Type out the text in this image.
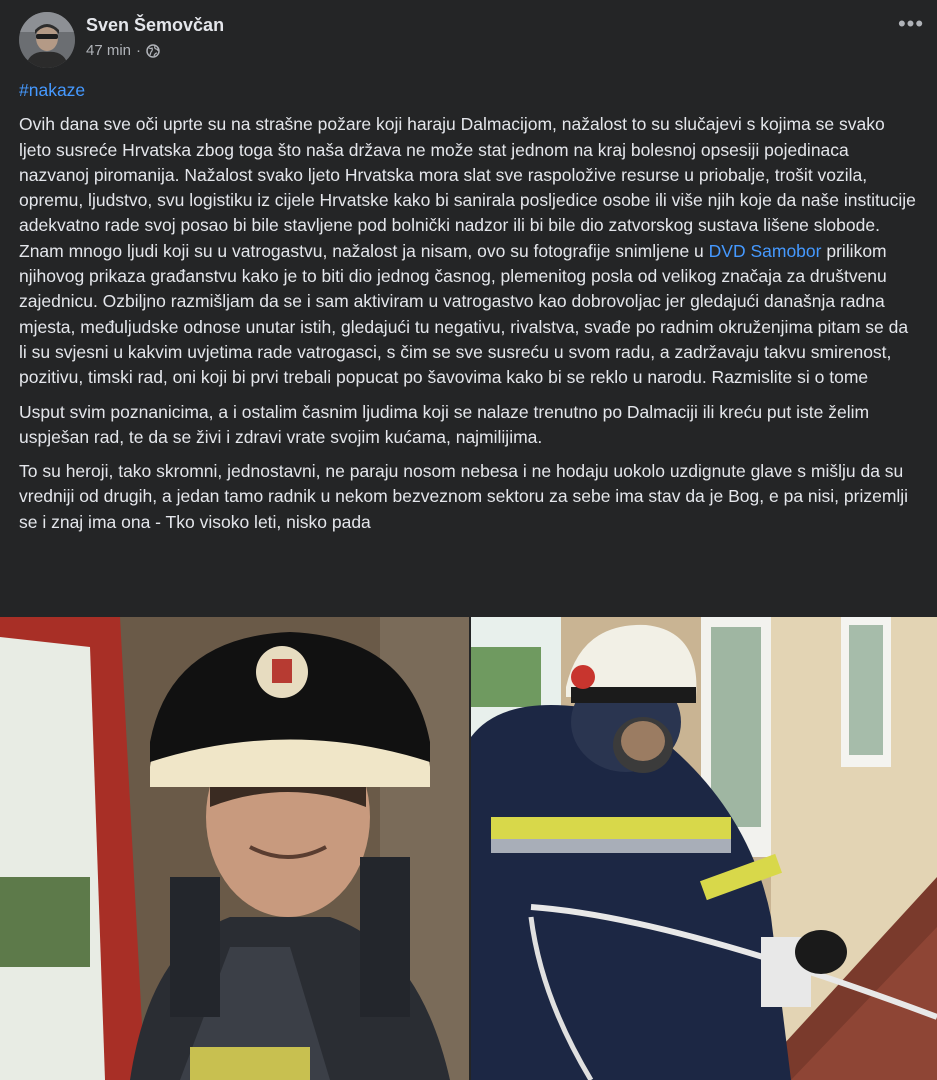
Sven Šemovčan
47 min ·
•••

#nakaze

Ovih dana sve oči uprte su na strašne požare koji haraju Dalmacijom, nažalost to su slučajevi s kojima se svako ljeto susreće Hrvatska zbog toga što naša država ne može stat jednom na kraj bolesnoj opsesiji pojedinaca nazvanoj piromanija. Nažalost svako ljeto Hrvatska mora slat sve raspoložive resurse u priobalje, trošit vozila, opremu, ljudstvo, svu logistiku iz cijele Hrvatske kako bi sanirala posljedice osobe ili više njih koje da naše institucije adekvatno rade svoj posao bi bile stavljene pod bolnički nadzor ili bi bile dio zatvorskog sustava lišene slobode. Znam mnogo ljudi koji su u vatrogastvu, nažalost ja nisam, ovo su fotografije snimljene u DVD Samobor prilikom njihovog prikaza građanstvu kako je to biti dio jednog časnog, plemenitog posla od velikog značaja za društvenu zajednicu. Ozbiljno razmišljam da se i sam aktiviram u vatrogastvo kao dobrovoljac jer gledajući današnja radna mjesta, međuljudske odnose unutar istih, gledajući tu negativu, rivalstva, svađe po radnim okruženjima pitam se da li su svjesni u kakvim uvjetima rade vatrogasci, s čim se sve susreću u svom radu, a zadržavaju takvu smirenost, pozitivu, timski rad, oni koji bi prvi trebali popucat po šavovima kako bi se reklo u narodu. Razmislite si o tome

Usput svim poznanicima, a i ostalim časnim ljudima koji se nalaze trenutno po Dalmaciji ili kreću put iste želim uspješan rad, te da se živi i zdravi vrate svojim kućama, najmilijima.

To su heroji, tako skromni, jednostavni, ne paraju nosom nebesa i ne hodaju uokolo uzdignute glave s mišlju da su vredniji od drugih, a jedan tamo radnik u nekom bezveznom sektoru za sebe ima stav da je Bog, e pa nisi, prizemlji se i znaj ima ona - Tko visoko leti, nisko pada
